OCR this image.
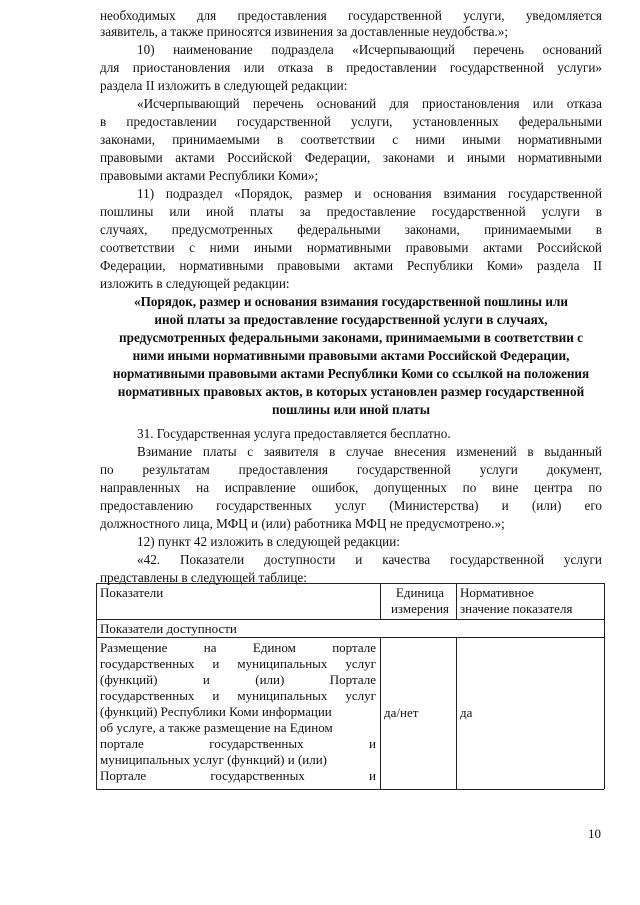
необходимых для предоставления государственной услуги, уведомляется
заявитель, а также приносятся извинения за доставленные неудобства.»;
10) наименование подраздела «Исчерпывающий перечень оснований
для приостановления или отказа в предоставлении государственной услуги»
раздела II изложить в следующей редакции:
«Исчерпывающий перечень оснований для приостановления или отказа
в предоставлении государственной услуги, установленных федеральными
законами, принимаемыми в соответствии с ними иными нормативными
правовыми актами Российской Федерации, законами и иными нормативными
правовыми актами Республики Коми»;
11) подраздел «Порядок, размер и основания взимания государственной
пошлины или иной платы за предоставление государственной услуги в
случаях, предусмотренных федеральными законами, принимаемыми в
соответствии с ними иными нормативными правовыми актами Российской
Федерации, нормативными правовыми актами Республики Коми» раздела II
изложить в следующей редакции:
«Порядок, размер и основания взимания государственной пошлины или
иной платы за предоставление государственной услуги в случаях,
предусмотренных федеральными законами, принимаемыми в соответствии с
ними иными нормативными правовыми актами Российской Федерации,
нормативными правовыми актами Республики Коми со ссылкой на положения
нормативных правовых актов, в которых установлен размер государственной
пошлины или иной платы
31. Государственная услуга предоставляется бесплатно.
Взимание платы с заявителя в случае внесения изменений в выданный
по результатам предоставления государственной услуги документ,
направленных на исправление ошибок, допущенных по вине центра по
предоставлению государственных услуг (Министерства) и (или) его
должностного лица, МФЦ и (или) работника МФЦ не предусмотрено.»;
12) пункт 42 изложить в следующей редакции:
«42. Показатели доступности и качества государственной услуги
представлены в следующей таблице:
Показатели	Единица
измерения
Нормативное
значение показателя
Показатели доступности
Размещение на Едином портале
государственных и муниципальных услуг
(функций) и (или) Портале
государственных и муниципальных услуг
(функций) Республики Коми информации
об услуге, а также размещение на Едином
портале государственных и
муниципальных услуг (функций) и (или)
Портале государственных и
да/нет	да
10
